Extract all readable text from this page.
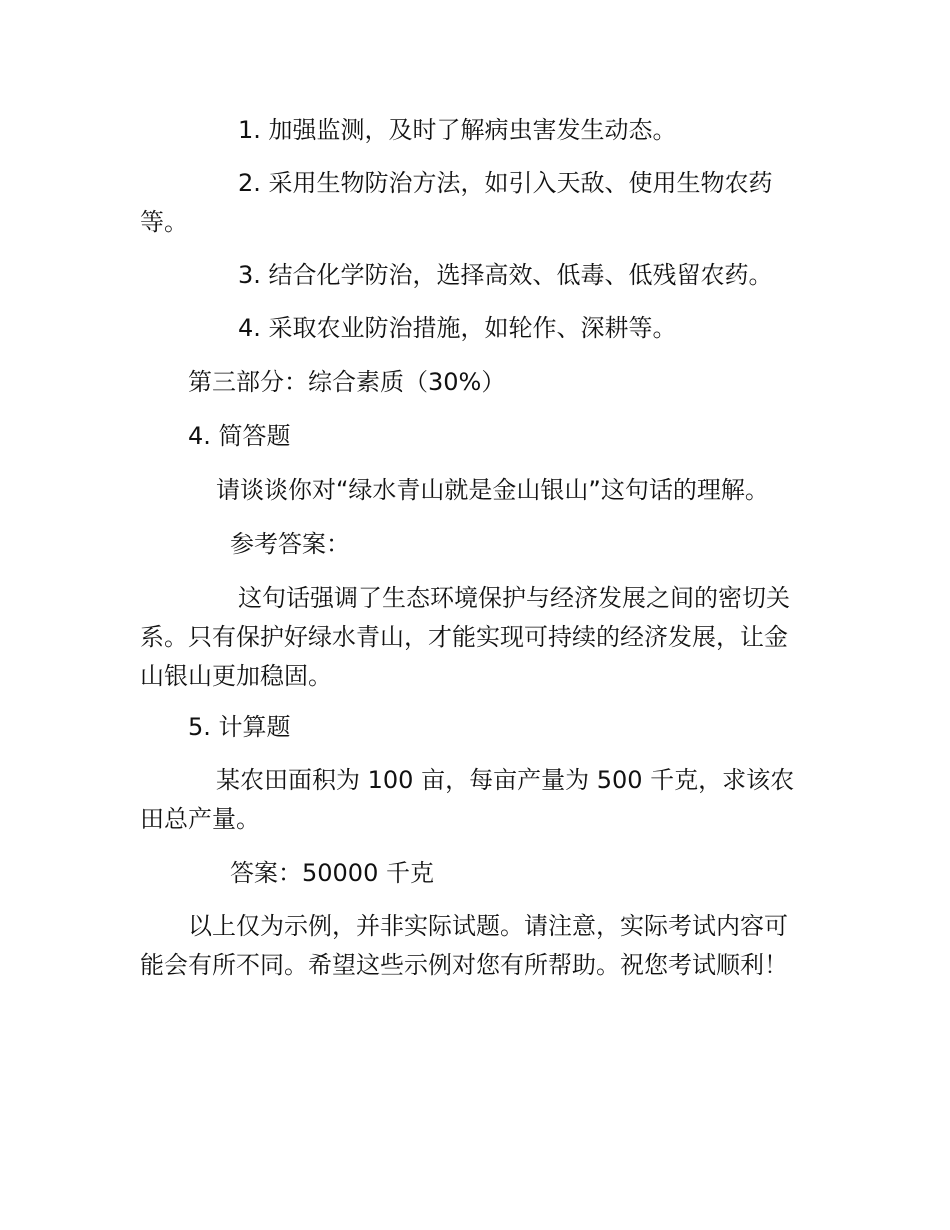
1. 加强监测，及时了解病虫害发生动态。
2. 采用生物防治方法，如引入天敌、使用生物农药
等。
3. 结合化学防治，选择高效、低毒、低残留农药。
4. 采取农业防治措施，如轮作、深耕等。
第三部分：综合素质（30%）
4. 简答题
请谈谈你对“绿水青山就是金山银山”这句话的理解。
参考答案：
这句话强调了生态环境保护与经济发展之间的密切关
系。只有保护好绿水青山，才能实现可持续的经济发展，让金
山银山更加稳固。
5. 计算题
某农田面积为 100 亩，每亩产量为 500 千克，求该农
田总产量。
答案：50000 千克
以上仅为示例，并非实际试题。请注意，实际考试内容可
能会有所不同。希望这些示例对您有所帮助。祝您考试顺利！
